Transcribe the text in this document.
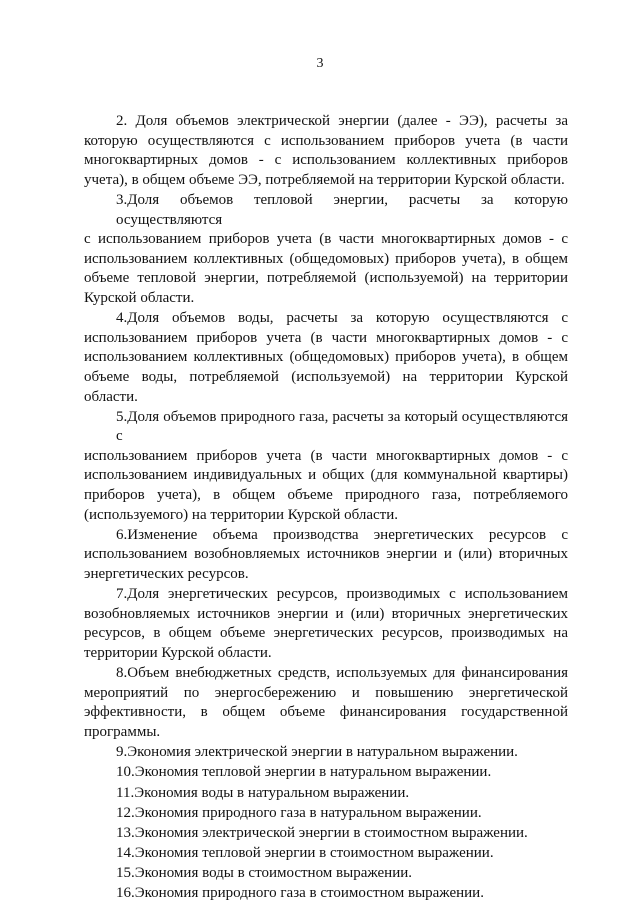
3
2. Доля объемов электрической энергии (далее - ЭЭ), расчеты за
которую осуществляются с использованием приборов учета (в части
многоквартирных домов - с использованием коллективных приборов
учета), в общем объеме ЭЭ, потребляемой на территории Курской области.
3.Доля объемов тепловой энергии, расчеты за которую осуществляются
с использованием приборов учета (в части многоквартирных домов - с
использованием коллективных (общедомовых) приборов учета), в общем
объеме тепловой энергии, потребляемой (используемой) на территории
Курской области.
4.Доля объемов воды, расчеты за которую осуществляются с
использованием приборов учета (в части многоквартирных домов - с
использованием коллективных (общедомовых) приборов учета), в общем
объеме воды, потребляемой (используемой) на территории Курской области.
5.Доля объемов природного газа, расчеты за который осуществляются с
использованием приборов учета (в части многоквартирных домов - с
использованием индивидуальных и общих (для коммунальной квартиры)
приборов учета), в общем объеме природного газа, потребляемого
(используемого) на территории Курской области.
6.Изменение объема производства энергетических ресурсов с
использованием возобновляемых источников энергии и (или) вторичных
энергетических ресурсов.
7.Доля энергетических ресурсов, производимых с использованием
возобновляемых источников энергии и (или) вторичных энергетических
ресурсов, в общем объеме энергетических ресурсов, производимых на
территории Курской области.
8.Объем внебюджетных средств, используемых для финансирования
мероприятий по энергосбережению и повышению энергетической
эффективности, в общем объеме финансирования государственной
программы.
9.Экономия электрической энергии в натуральном выражении.
10.Экономия тепловой энергии в натуральном выражении.
11.Экономия воды в натуральном выражении.
12.Экономия природного газа в натуральном выражении.
13.Экономия электрической энергии в стоимостном выражении.
14.Экономия тепловой энергии в стоимостном выражении.
15.Экономия воды в стоимостном выражении.
16.Экономия природного газа в стоимостном выражении.
